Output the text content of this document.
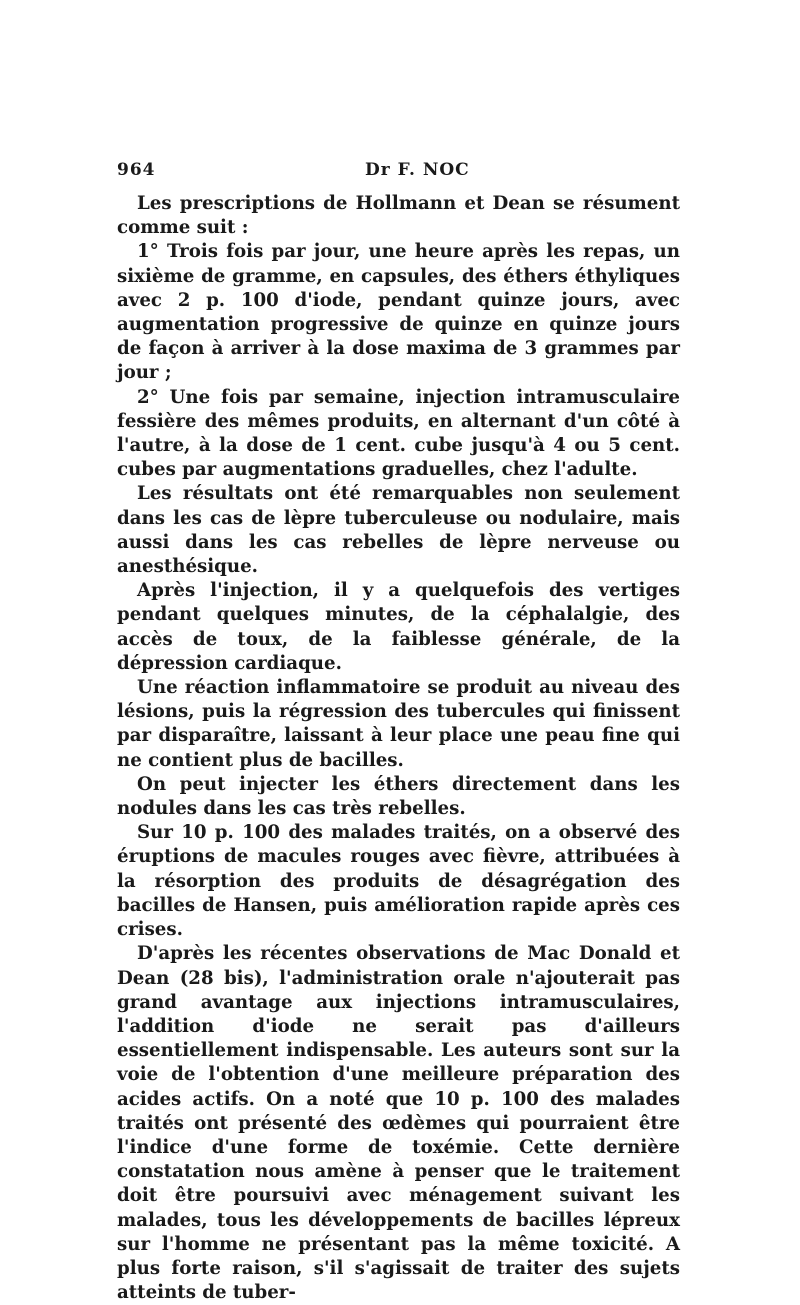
964	Dr F. NOC

Les prescriptions de Hollmann et Dean se résument comme suit :

1° Trois fois par jour, une heure après les repas, un sixième de gramme, en capsules, des éthers éthyliques avec 2 p. 100 d'iode, pendant quinze jours, avec augmentation progressive de quinze en quinze jours de façon à arriver à la dose maxima de 3 grammes par jour ;

2° Une fois par semaine, injection intramusculaire fessière des mêmes produits, en alternant d'un côté à l'autre, à la dose de 1 cent. cube jusqu'à 4 ou 5 cent. cubes par augmentations graduelles, chez l'adulte.

Les résultats ont été remarquables non seulement dans les cas de lèpre tuberculeuse ou nodulaire, mais aussi dans les cas rebelles de lèpre nerveuse ou anesthésique.

Après l'injection, il y a quelquefois des vertiges pendant quelques minutes, de la céphalalgie, des accès de toux, de la faiblesse générale, de la dépression cardiaque.

Une réaction inflammatoire se produit au niveau des lésions, puis la régression des tubercules qui finissent par disparaître, laissant à leur place une peau fine qui ne contient plus de bacilles.

On peut injecter les éthers directement dans les nodules dans les cas très rebelles.

Sur 10 p. 100 des malades traités, on a observé des éruptions de macules rouges avec fièvre, attribuées à la résorption des produits de désagrégation des bacilles de Hansen, puis amélioration rapide après ces crises.

D'après les récentes observations de Mac Donald et Dean (28 bis), l'administration orale n'ajouterait pas grand avantage aux injections intramusculaires, l'addition d'iode ne serait pas d'ailleurs essentiellement indispensable. Les auteurs sont sur la voie de l'obtention d'une meilleure préparation des acides actifs. On a noté que 10 p. 100 des malades traités ont présenté des œdèmes qui pourraient être l'indice d'une forme de toxémie. Cette dernière constatation nous amène à penser que le traitement doit être poursuivi avec ménagement suivant les malades, tous les développements de bacilles lépreux sur l'homme ne présentant pas la même toxicité. A plus forte raison, s'il s'agissait de traiter des sujets atteints de tuber-
